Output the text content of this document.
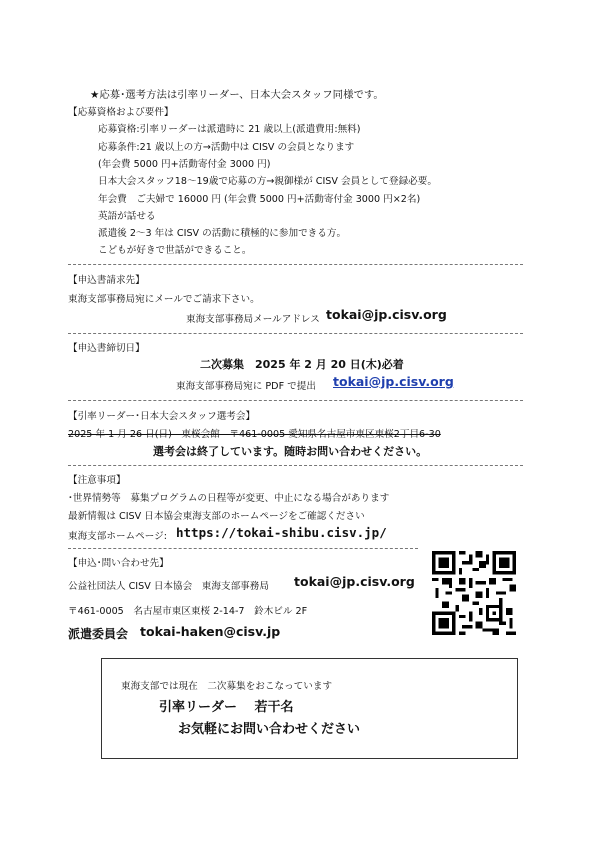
★応募･選考方法は引率リーダー、日本大会スタッフ同様です。
【応募資格および要件】
応募資格:引率リーダーは派遣時に 21 歳以上(派遣費用:無料)
応募条件:21 歳以上の方→活動中は CISV の会員となります
(年会費 5000 円+活動寄付金 3000 円)
日本大会スタッフ18～19歳で応募の方→親御様が CISV 会員として登録必要。
年会費　ご夫婦で 16000 円 (年会費 5000 円+活動寄付金 3000 円×2名)
英語が話せる
派遣後 2～3 年は CISV の活動に積極的に参加できる方。
こどもが好きで世話ができること。
【申込書請求先】
東海支部事務局宛にメールでご請求下さい。
東海支部事務局メールアドレス tokai@jp.cisv.org
【申込書締切日】
二次募集　2025 年 2 月 20 日(木)必着
東海支部事務局宛に PDF で提出 tokai@jp.cisv.org
【引率リーダー･日本大会スタッフ選考会】
2025 年 1 月 26 日(日)　東桜会館　〒461-0005 愛知県名古屋市東区東桜2丁目6-30
選考会は終了しています。随時お問い合わせください。
【注意事項】
･世界情勢等　募集プログラムの日程等が変更、中止になる場合があります
最新情報は CISV 日本協会東海支部のホームページをご確認ください
東海支部ホームページ: https://tokai-shibu.cisv.jp/
【申込･問い合わせ先】
公益社団法人 CISV 日本協会　東海支部事務局 tokai@jp.cisv.org
〒461-0005　名古屋市東区東桜 2-14-7　鈴木ビル 2F
派遣委員会 tokai-haken@cisv.jp
東海支部では現在　二次募集をおこなっています
引率リーダー　 若干名
お気軽にお問い合わせください
